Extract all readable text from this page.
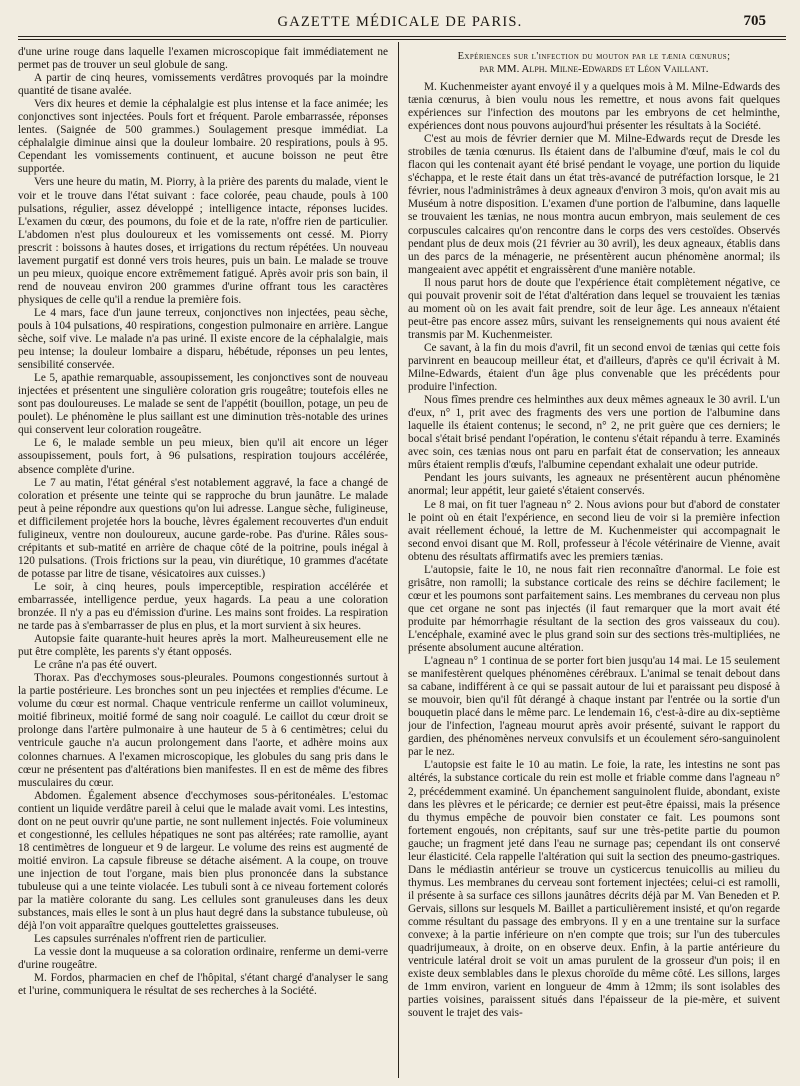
GAZETTE MÉDICALE DE PARIS.	705

d'une urine rouge dans laquelle l'examen microscopique fait immédiatement ne permet pas de trouver un seul globule de sang.

A partir de cinq heures, vomissements verdâtres provoqués par la moindre quantité de tisane avalée.

Vers dix heures et demie la céphalalgie est plus intense et la face animée; les conjonctives sont injectées. Pouls fort et fréquent. Parole embarrassée, réponses lentes. (Saignée de 500 grammes.) Soulagement presque immédiat. La céphalalgie diminue ainsi que la douleur lombaire. 20 respirations, pouls à 95. Cependant les vomissements continuent, et aucune boisson ne peut être supportée.

Vers une heure du matin, M. Piorry, à la prière des parents du malade, vient le voir et le trouve dans l'état suivant : face colorée, peau chaude, pouls à 100 pulsations, régulier, assez développé ; intelligence intacte, réponses lucides. L'examen du cœur, des poumons, du foie et de la rate, n'offre rien de particulier. L'abdomen n'est plus douloureux et les vomissements ont cessé. M. Piorry prescrit : boissons à hautes doses, et irrigations du rectum répétées. Un nouveau lavement purgatif est donné vers trois heures, puis un bain. Le malade se trouve un peu mieux, quoique encore extrêmement fatigué. Après avoir pris son bain, il rend de nouveau environ 200 grammes d'urine offrant tous les caractères physiques de celle qu'il a rendue la première fois.

Le 4 mars, face d'un jaune terreux, conjonctives non injectées, peau sèche, pouls à 104 pulsations, 40 respirations, congestion pulmonaire en arrière. Langue sèche, soif vive. Le malade n'a pas uriné. Il existe encore de la céphalalgie, mais peu intense; la douleur lombaire a disparu, hébétude, réponses un peu lentes, sensibilité conservée.

Le 5, apathie remarquable, assoupissement, les conjonctives sont de nouveau injectées et présentent une singulière coloration gris rougeâtre; toutefois elles ne sont pas douloureuses. Le malade se sent de l'appétit (bouillon, potage, un peu de poulet). Le phénomène le plus saillant est une diminution très-notable des urines qui conservent leur coloration rougeâtre.

Le 6, le malade semble un peu mieux, bien qu'il ait encore un léger assoupissement, pouls fort, à 96 pulsations, respiration toujours accélérée, absence complète d'urine.

Le 7 au matin, l'état général s'est notablement aggravé, la face a changé de coloration et présente une teinte qui se rapproche du brun jaunâtre. Le malade peut à peine répondre aux questions qu'on lui adresse. Langue sèche, fuligineuse, et difficilement projetée hors la bouche, lèvres également recouvertes d'un enduit fuligineux, ventre non douloureux, aucune garde-robe. Pas d'urine. Râles sous-crépitants et sub-matité en arrière de chaque côté de la poitrine, pouls inégal à 120 pulsations. (Trois frictions sur la peau, vin diurétique, 10 grammes d'acétate de potasse par litre de tisane, vésicatoires aux cuisses.)

Le soir, à cinq heures, pouls imperceptible, respiration accélérée et embarrassée, intelligence perdue, yeux hagards. La peau a une coloration bronzée. Il n'y a pas eu d'émission d'urine. Les mains sont froides. La respiration ne tarde pas à s'embarrasser de plus en plus, et la mort survient à six heures.

Autopsie faite quarante-huit heures après la mort. Malheureusement elle ne put être complète, les parents s'y étant opposés.

Le crâne n'a pas été ouvert.

Thorax. Pas d'ecchymoses sous-pleurales. Poumons congestionnés surtout à la partie postérieure. Les bronches sont un peu injectées et remplies d'écume. Le volume du cœur est normal. Chaque ventricule renferme un caillot volumineux, moitié fibrineux, moitié formé de sang noir coagulé. Le caillot du cœur droit se prolonge dans l'artère pulmonaire à une hauteur de 5 à 6 centimètres; celui du ventricule gauche n'a aucun prolongement dans l'aorte, et adhère moins aux colonnes charnues. A l'examen microscopique, les globules du sang pris dans le cœur ne présentent pas d'altérations bien manifestes. Il en est de même des fibres musculaires du cœur.

Abdomen. Également absence d'ecchymoses sous-péritonéales. L'estomac contient un liquide verdâtre pareil à celui que le malade avait vomi. Les intestins, dont on ne peut ouvrir qu'une partie, ne sont nullement injectés. Foie volumineux et congestionné, les cellules hépatiques ne sont pas altérées; rate ramollie, ayant 18 centimètres de longueur et 9 de largeur. Le volume des reins est augmenté de moitié environ. La capsule fibreuse se détache aisément. A la coupe, on trouve une injection de tout l'organe, mais bien plus prononcée dans la substance tubuleuse qui a une teinte violacée. Les tubuli sont à ce niveau fortement colorés par la matière colorante du sang. Les cellules sont granuleuses dans les deux substances, mais elles le sont à un plus haut degré dans la substance tubuleuse, où déjà l'on voit apparaître quelques gouttelettes graisseuses.

Les capsules surrénales n'offrent rien de particulier.

La vessie dont la muqueuse a sa coloration ordinaire, renferme un demi-verre d'urine rougeâtre.

M. Fordos, pharmacien en chef de l'hôpital, s'étant chargé d'analyser le sang et l'urine, communiquera le résultat de ses recherches à la Société.

Expériences sur l'infection du mouton par le tænia cœnurus;
par MM. Alph. Milne-Edwards et Léon Vaillant.

M. Kuchenmeister ayant envoyé il y a quelques mois à M. Milne-Edwards des tænia cœnurus, à bien voulu nous les remettre, et nous avons fait quelques expériences sur l'infection des moutons par les embryons de cet helminthe, expériences dont nous pouvons aujourd'hui présenter les résultats à la Société.

C'est au mois de février dernier que M. Milne-Edwards reçut de Dresde les strobiles de tænia cœnurus. Ils étaient dans de l'albumine d'œuf, mais le col du flacon qui les contenait ayant été brisé pendant le voyage, une portion du liquide s'échappa, et le reste était dans un état très-avancé de putréfaction lorsque, le 21 février, nous l'administrâmes à deux agneaux d'environ 3 mois, qu'on avait mis au Muséum à notre disposition. L'examen d'une portion de l'albumine, dans laquelle se trouvaient les tænias, ne nous montra aucun embryon, mais seulement de ces corpuscules calcaires qu'on rencontre dans le corps des vers cestoïdes. Observés pendant plus de deux mois (21 février au 30 avril), les deux agneaux, établis dans un des parcs de la ménagerie, ne présentèrent aucun phénomène anormal; ils mangeaient avec appétit et engraissèrent d'une manière notable.

Il nous parut hors de doute que l'expérience était complètement négative, ce qui pouvait provenir soit de l'état d'altération dans lequel se trouvaient les tænias au moment où on les avait fait prendre, soit de leur âge. Les anneaux n'étaient peut-être pas encore assez mûrs, suivant les renseignements qui nous avaient été transmis par M. Kuchenmeister.

Ce savant, à la fin du mois d'avril, fit un second envoi de tænias qui cette fois parvinrent en beaucoup meilleur état, et d'ailleurs, d'après ce qu'il écrivait à M. Milne-Edwards, étaient d'un âge plus convenable que les précédents pour produire l'infection.

Nous fîmes prendre ces helminthes aux deux mêmes agneaux le 30 avril. L'un d'eux, n° 1, prit avec des fragments des vers une portion de l'albumine dans laquelle ils étaient contenus; le second, n° 2, ne prit guère que ces derniers; le bocal s'était brisé pendant l'opération, le contenu s'était répandu à terre. Examinés avec soin, ces tænias nous ont paru en parfait état de conservation; les anneaux mûrs étaient remplis d'œufs, l'albumine cependant exhalait une odeur putride.

Pendant les jours suivants, les agneaux ne présentèrent aucun phénomène anormal; leur appétit, leur gaieté s'étaient conservés.

Le 8 mai, on fit tuer l'agneau n° 2. Nous avions pour but d'abord de constater le point où en était l'expérience, en second lieu de voir si la première infection avait réellement échoué, la lettre de M. Kuchenmeister qui accompagnait le second envoi disant que M. Roll, professeur à l'école vétérinaire de Vienne, avait obtenu des résultats affirmatifs avec les premiers tænias.

L'autopsie, faite le 10, ne nous fait rien reconnaître d'anormal. Le foie est grisâtre, non ramolli; la substance corticale des reins se déchire facilement; le cœur et les poumons sont parfaitement sains. Les membranes du cerveau non plus que cet organe ne sont pas injectés (il faut remarquer que la mort avait été produite par hémorrhagie résultant de la section des gros vaisseaux du cou). L'encéphale, examiné avec le plus grand soin sur des sections très-multipliées, ne présente absolument aucune altération.

L'agneau n° 1 continua de se porter fort bien jusqu'au 14 mai. Le 15 seulement se manifestèrent quelques phénomènes cérébraux. L'animal se tenait debout dans sa cabane, indifférent à ce qui se passait autour de lui et paraissant peu disposé à se mouvoir, bien qu'il fût dérangé à chaque instant par l'entrée ou la sortie d'un bouquetin placé dans le même parc. Le lendemain 16, c'est-à-dire au dix-septième jour de l'infection, l'agneau mourut après avoir présenté, suivant le rapport du gardien, des phénomènes nerveux convulsifs et un écoulement séro-sanguinolent par le nez.

L'autopsie est faite le 10 au matin. Le foie, la rate, les intestins ne sont pas altérés, la substance corticale du rein est molle et friable comme dans l'agneau n° 2, précédemment examiné. Un épanchement sanguinolent fluide, abondant, existe dans les plèvres et le péricarde; ce dernier est peut-être épaissi, mais la présence du thymus empêche de pouvoir bien constater ce fait. Les poumons sont fortement engoués, non crépitants, sauf sur une très-petite partie du poumon gauche; un fragment jeté dans l'eau ne surnage pas; cependant ils ont conservé leur élasticité. Cela rappelle l'altération qui suit la section des pneumo-gastriques. Dans le médiastin antérieur se trouve un cysticercus tenuicollis au milieu du thymus. Les membranes du cerveau sont fortement injectées; celui-ci est ramolli, il présente à sa surface ces sillons jaunâtres décrits déjà par M. Van Beneden et P. Gervais, sillons sur lesquels M. Baillet a particulièrement insisté, et qu'on regarde comme résultant du passage des embryons. Il y en a une trentaine sur la surface convexe; à la partie inférieure on n'en compte que trois; sur l'un des tubercules quadrijumeaux, à droite, on en observe deux. Enfin, à la partie antérieure du ventricule latéral droit se voit un amas purulent de la grosseur d'un pois; il en existe deux semblables dans le plexus choroïde du même côté. Les sillons, larges de 1mm environ, varient en longueur de 4mm à 12mm; ils sont isolables des parties voisines, paraissent situés dans l'épaisseur de la pie-mère, et suivent souvent le trajet des vais-
